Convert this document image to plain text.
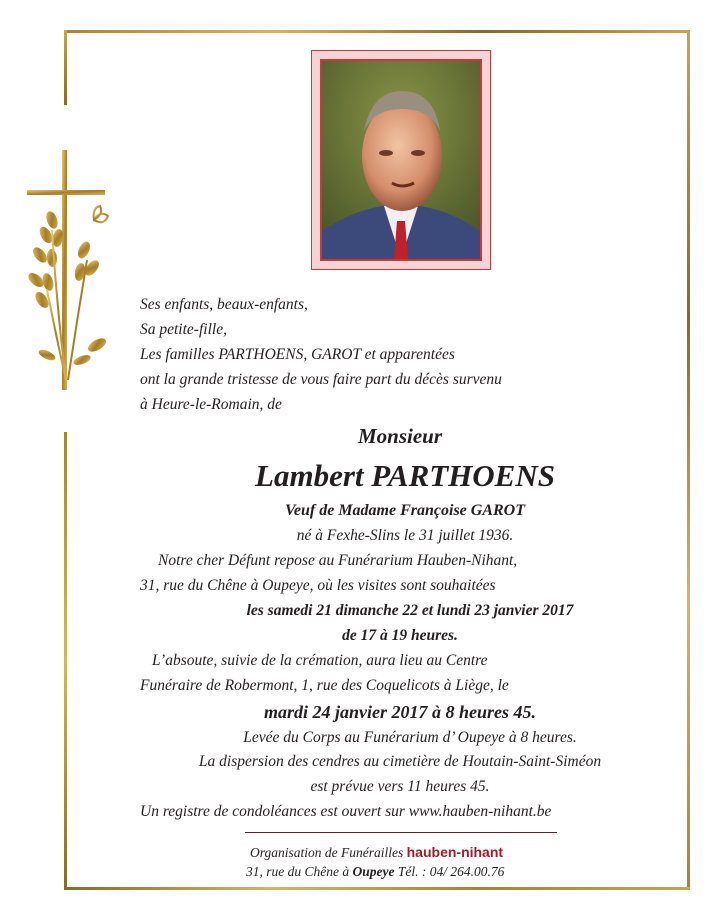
Ses enfants, beaux-enfants,
Sa petite-fille,
Les familles PARTHOENS, GAROT et apparentées
ont la grande tristesse de vous faire part du décès survenu
à Heure-le-Romain, de
Monsieur
Lambert PARTHOENS
Veuf de Madame Françoise GAROT
né à Fexhe-Slins le 31 juillet 1936.
Notre cher Défunt repose au Funérarium Hauben-Nihant,
31, rue du Chêne à Oupeye, où les visites sont souhaitées
les samedi 21 dimanche 22 et lundi 23 janvier 2017
de 17 à 19 heures.
L’absoute, suivie de la crémation, aura lieu au Centre
Funéraire de Robermont, 1, rue des Coquelicots à Liège, le
mardi 24 janvier 2017 à 8 heures 45.
Levée du Corps au Funérarium d’ Oupeye à 8 heures.
La dispersion des cendres au cimetière de Houtain-Saint-Siméon
est prévue vers 11 heures 45.
Un registre de condoléances est ouvert sur www.hauben-nihant.be
Organisation de Funérailles hauben-nihant
31, rue du Chêne à Oupeye Tél. : 04/ 264.00.76
